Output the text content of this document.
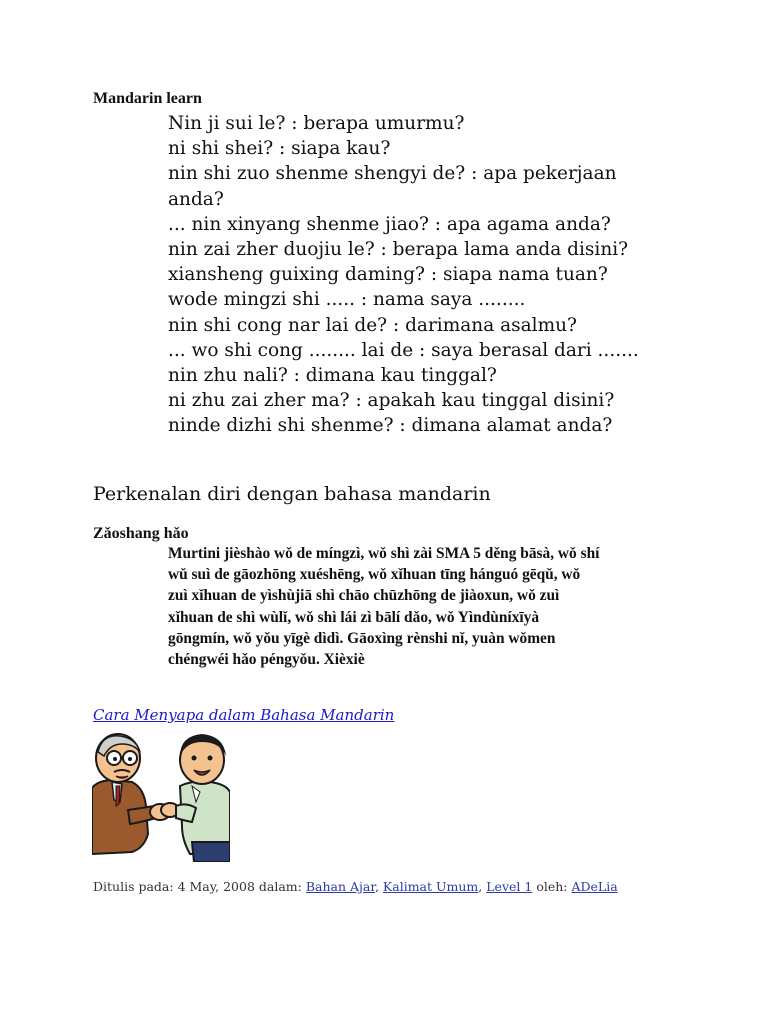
Mandarin learn
Nin ji sui le? : berapa umurmu?
ni shi shei? : siapa kau?
nin shi zuo shenme shengyi de? : apa pekerjaan
anda?
... nin xinyang shenme jiao? : apa agama anda?
nin zai zher duojiu le? : berapa lama anda disini?
xiansheng guixing daming? : siapa nama tuan?
wode mingzi shi ..... : nama saya ........
nin shi cong nar lai de? : darimana asalmu?
... wo shi cong ........ lai de : saya berasal dari .......
nin zhu nali? : dimana kau tinggal?
ni zhu zai zher ma? : apakah kau tinggal disini?
ninde dizhi shi shenme? : dimana alamat anda?
Perkenalan diri dengan bahasa mandarin
Zǎoshang hǎo
Murtini jièshào wǒ de míngzì, wǒ shì zài SMA 5 děng bāsà, wǒ shí
wǔ suì de gāozhōng xuéshēng, wǒ xǐhuan tīng hánguó gēqǔ, wǒ
zuì xǐhuan de yìshùjiā shì chāo chūzhōng de jiàoxun, wǒ zuì
xǐhuan de shì wùlǐ, wǒ shì lái zì bālí dǎo, wǒ Yìndùníxīyà
gōngmín, wǒ yǒu yīgè dìdì. Gāoxìng rènshi nǐ, yuàn wǒmen
chéngwéi hǎo péngyǒu. Xièxiè
Cara Menyapa dalam Bahasa Mandarin
Ditulis pada: 4 May, 2008 dalam: Bahan Ajar, Kalimat Umum, Level 1 oleh: ADeLia
